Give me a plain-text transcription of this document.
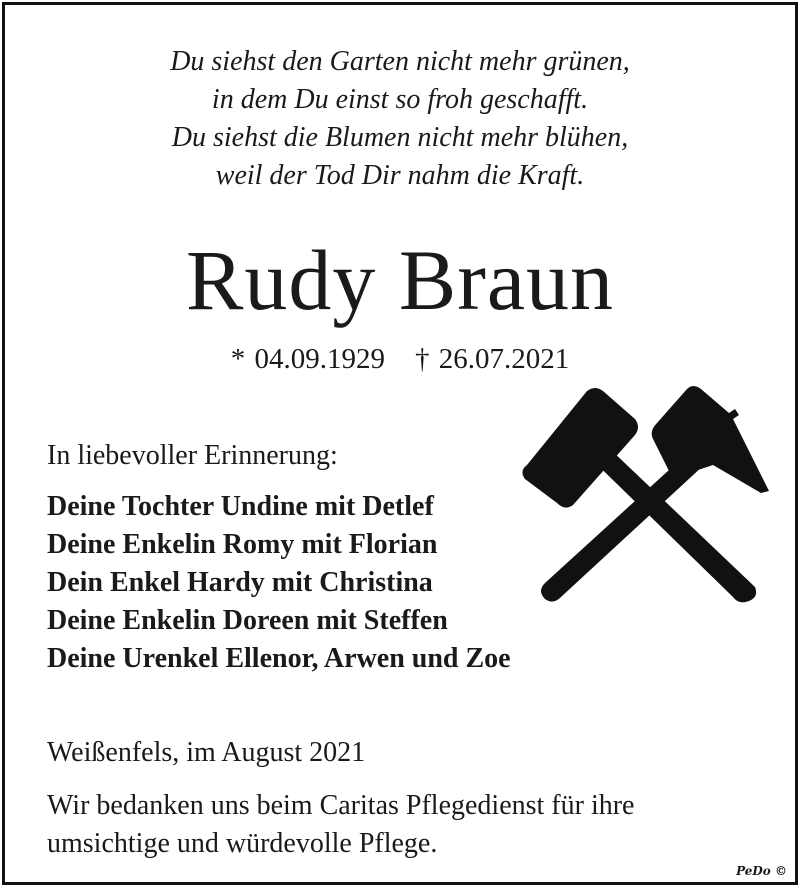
Du siehst den Garten nicht mehr grünen,
in dem Du einst so froh geschafft.
Du siehst die Blumen nicht mehr blühen,
weil der Tod Dir nahm die Kraft.
Rudy Braun
* 04.09.1929 † 26.07.2021
In liebevoller Erinnerung:
Deine Tochter Undine mit Detlef
Deine Enkelin Romy mit Florian
Dein Enkel Hardy mit Christina
Deine Enkelin Doreen mit Steffen
Deine Urenkel Ellenor, Arwen und Zoe
Weißenfels, im August 2021
Wir bedanken uns beim Caritas Pflegedienst für ihre umsichtige und würdevolle Pflege.
PeDo ©
